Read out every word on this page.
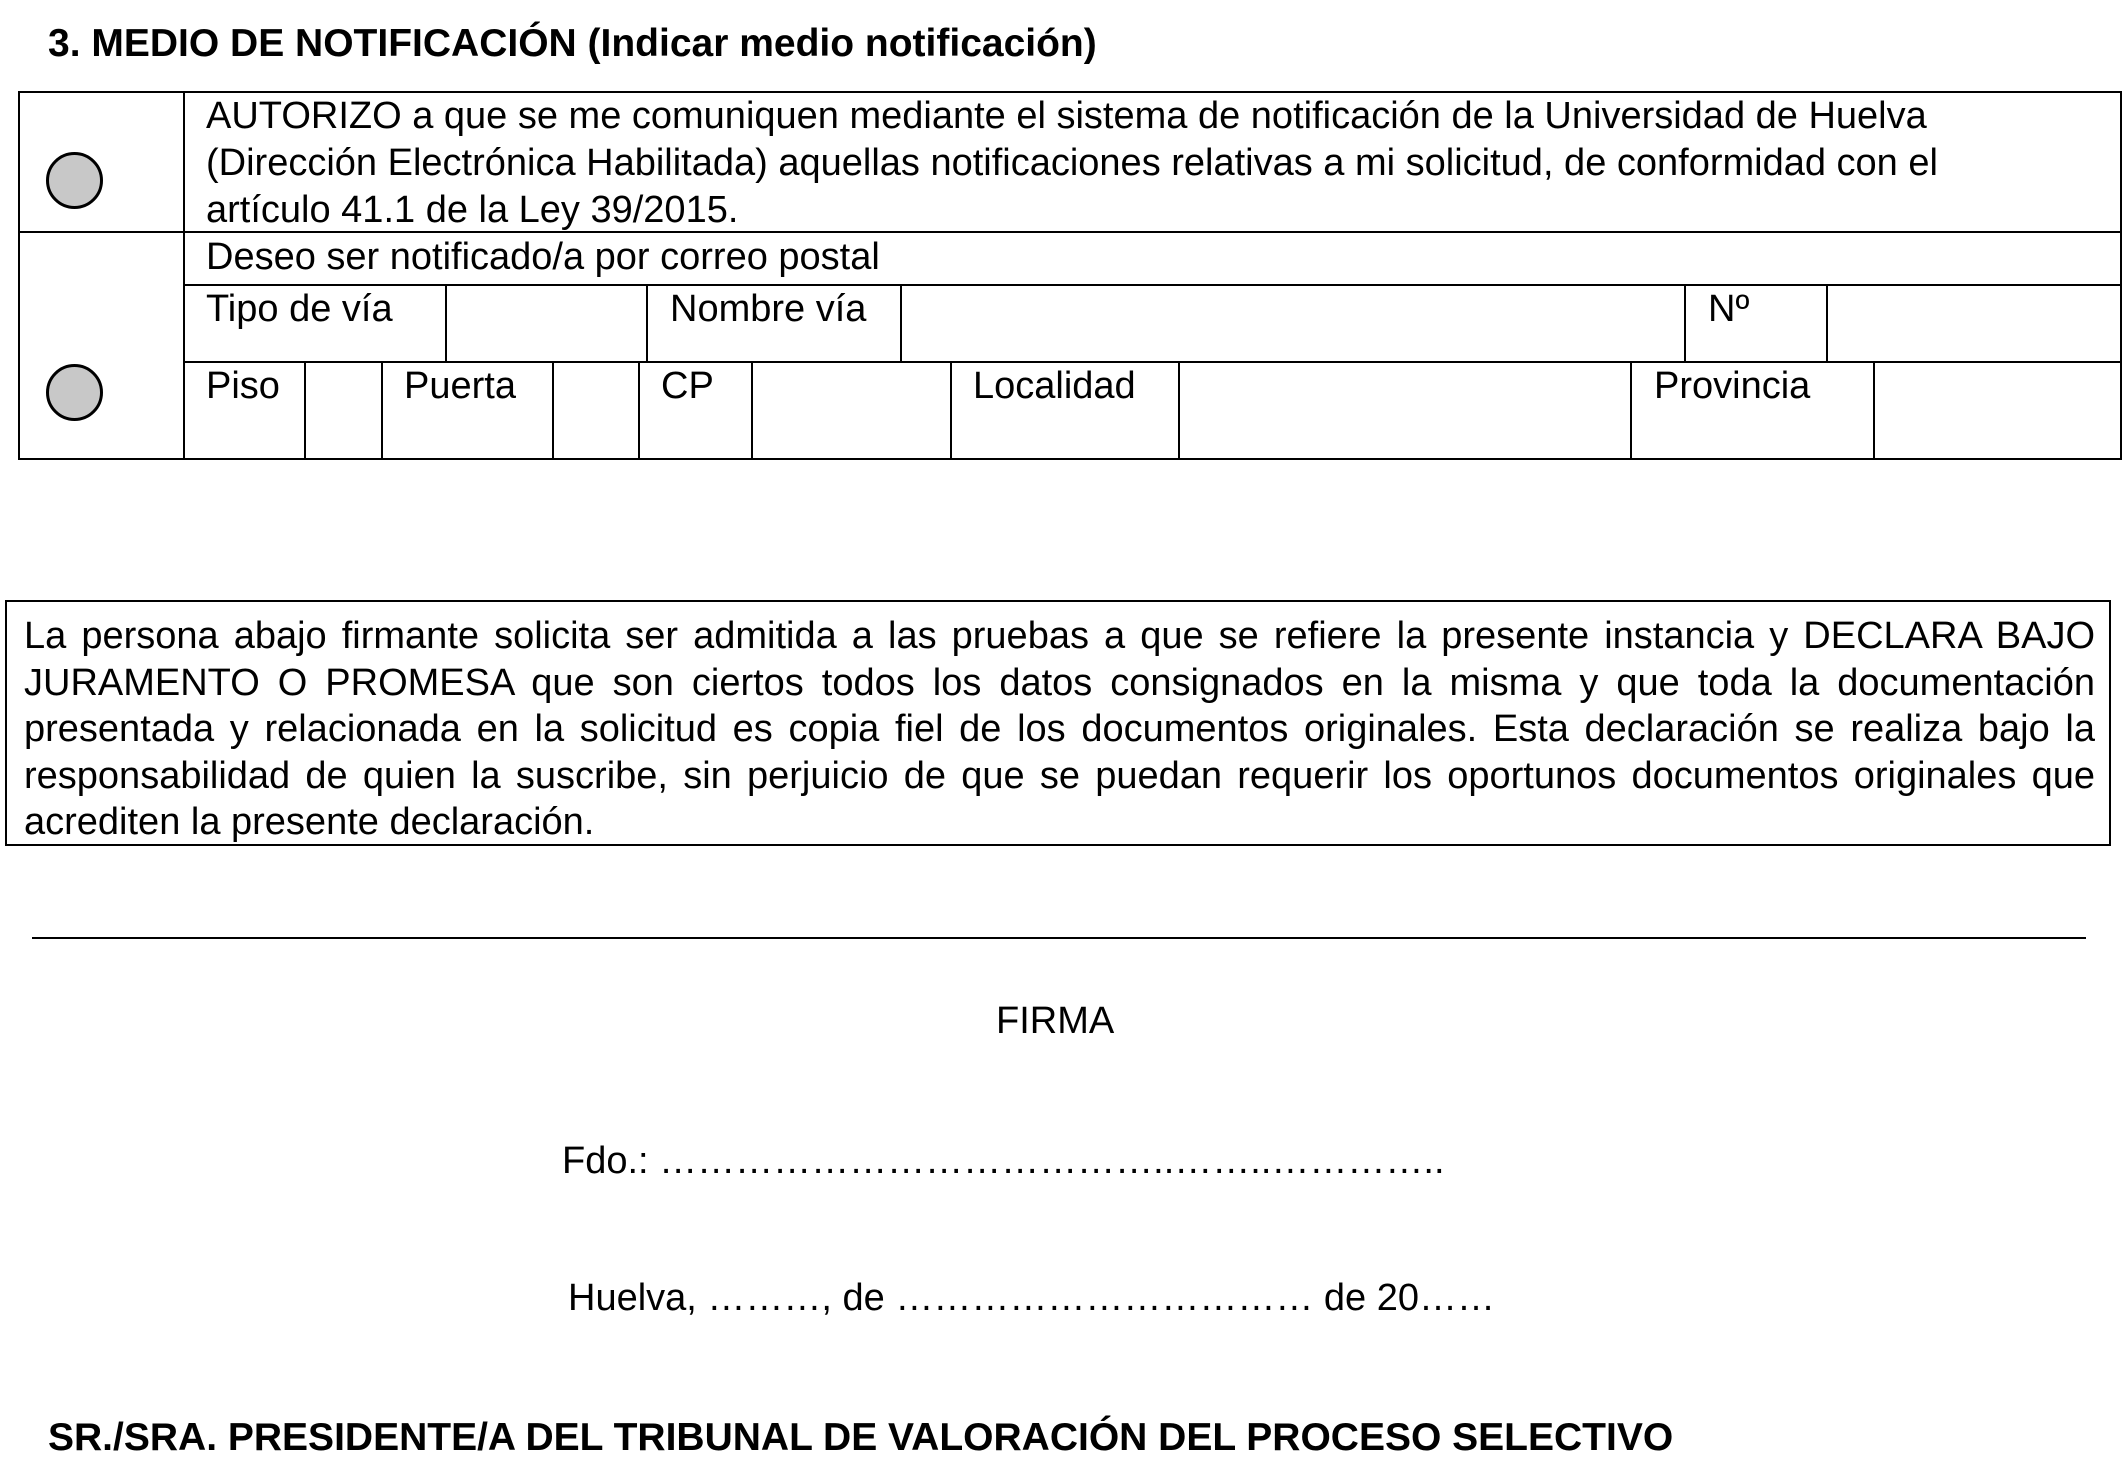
3. MEDIO DE NOTIFICACIÓN (Indicar medio notificación)
AUTORIZO a que se me comuniquen mediante el sistema de notificación de la Universidad de Huelva
(Dirección Electrónica Habilitada) aquellas notificaciones relativas a mi solicitud, de conformidad con el
artículo 41.1 de la Ley 39/2015.
Deseo ser notificado/a por correo postal
Tipo de vía	Nombre vía	Nº
Piso	Puerta	CP	Localidad	Provincia
La persona abajo firmante solicita ser admitida a las pruebas a que se refiere la presente instancia y DECLARA BAJO JURAMENTO O PROMESA que son ciertos todos los datos consignados en la misma y que toda la documentación presentada y relacionada en la solicitud es copia fiel de los documentos originales. Esta declaración se realiza bajo la responsabilidad de quien la suscribe, sin perjuicio de que se puedan requerir los oportunos documentos originales que acrediten la presente declaración.
FIRMA
Fdo.: …………………………………..……..…………..
Huelva, ………, de …………………………… de 20……
SR./SRA. PRESIDENTE/A DEL TRIBUNAL DE VALORACIÓN DEL PROCESO SELECTIVO
